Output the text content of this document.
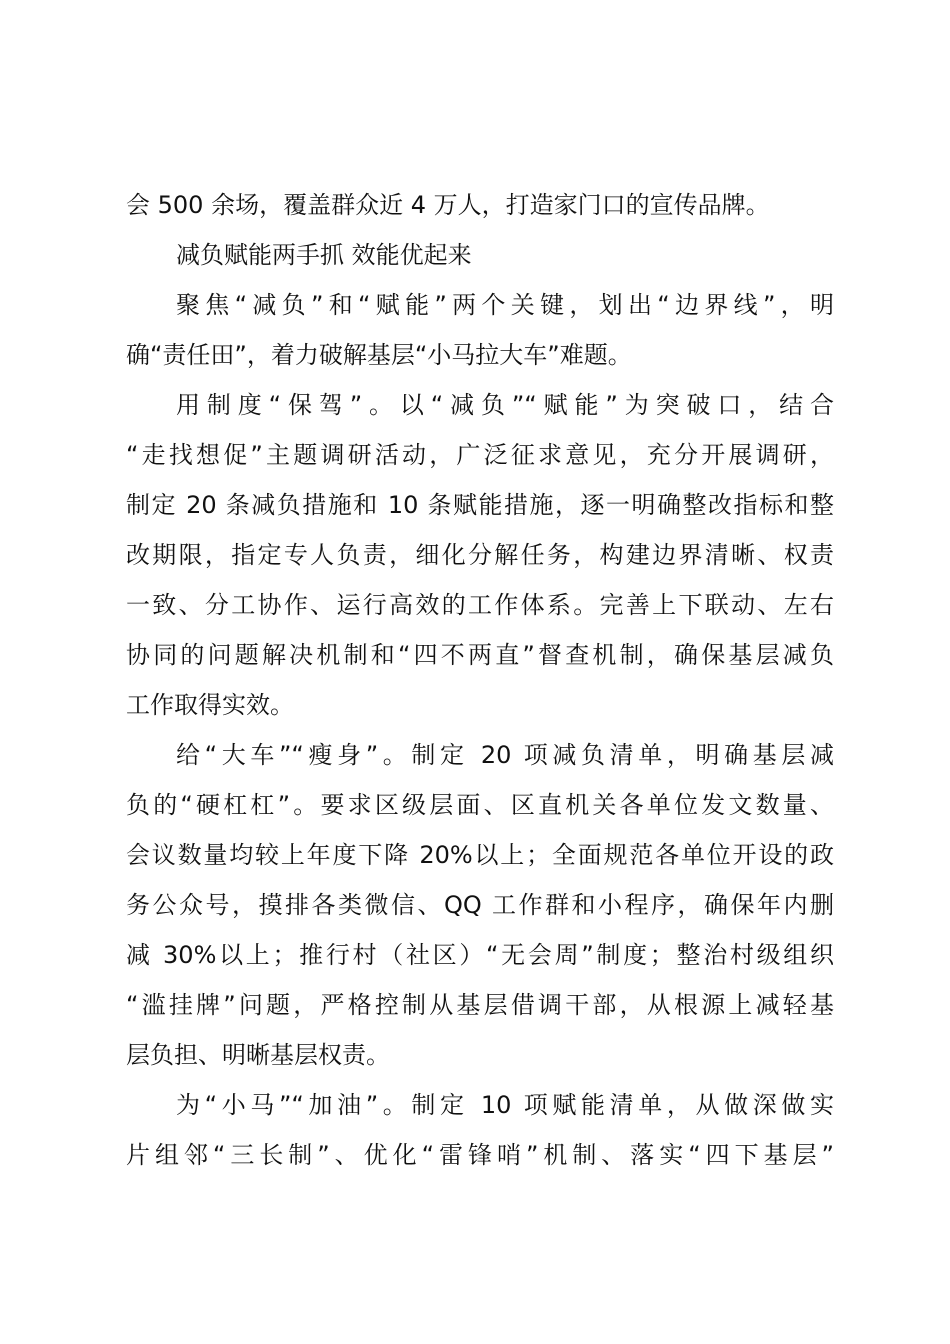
会 500 余场，覆盖群众近 4 万人，打造家门口的宣传品牌。
减负赋能两手抓 效能优起来
聚焦“减负”和“赋能”两个关键，划出“边界线”，明
确“责任田”，着力破解基层“小马拉大车”难题。
用制度“保驾”。以“减负”“赋能”为突破口，结合
“走找想促”主题调研活动，广泛征求意见，充分开展调研，
制定 20 条减负措施和 10 条赋能措施，逐一明确整改指标和整
改期限，指定专人负责，细化分解任务，构建边界清晰、权责
一致、分工协作、运行高效的工作体系。完善上下联动、左右
协同的问题解决机制和“四不两直”督查机制，确保基层减负
工作取得实效。
给“大车”“瘦身”。制定 20 项减负清单，明确基层减
负的“硬杠杠”。要求区级层面、区直机关各单位发文数量、
会议数量均较上年度下降 20%以上；全面规范各单位开设的政
务公众号，摸排各类微信、QQ 工作群和小程序，确保年内删
减 30%以上；推行村（社区）“无会周”制度；整治村级组织
“滥挂牌”问题，严格控制从基层借调干部，从根源上减轻基
层负担、明晰基层权责。
为“小马”“加油”。制定 10 项赋能清单，从做深做实
片组邻“三长制”、优化“雷锋哨”机制、落实“四下基层”
